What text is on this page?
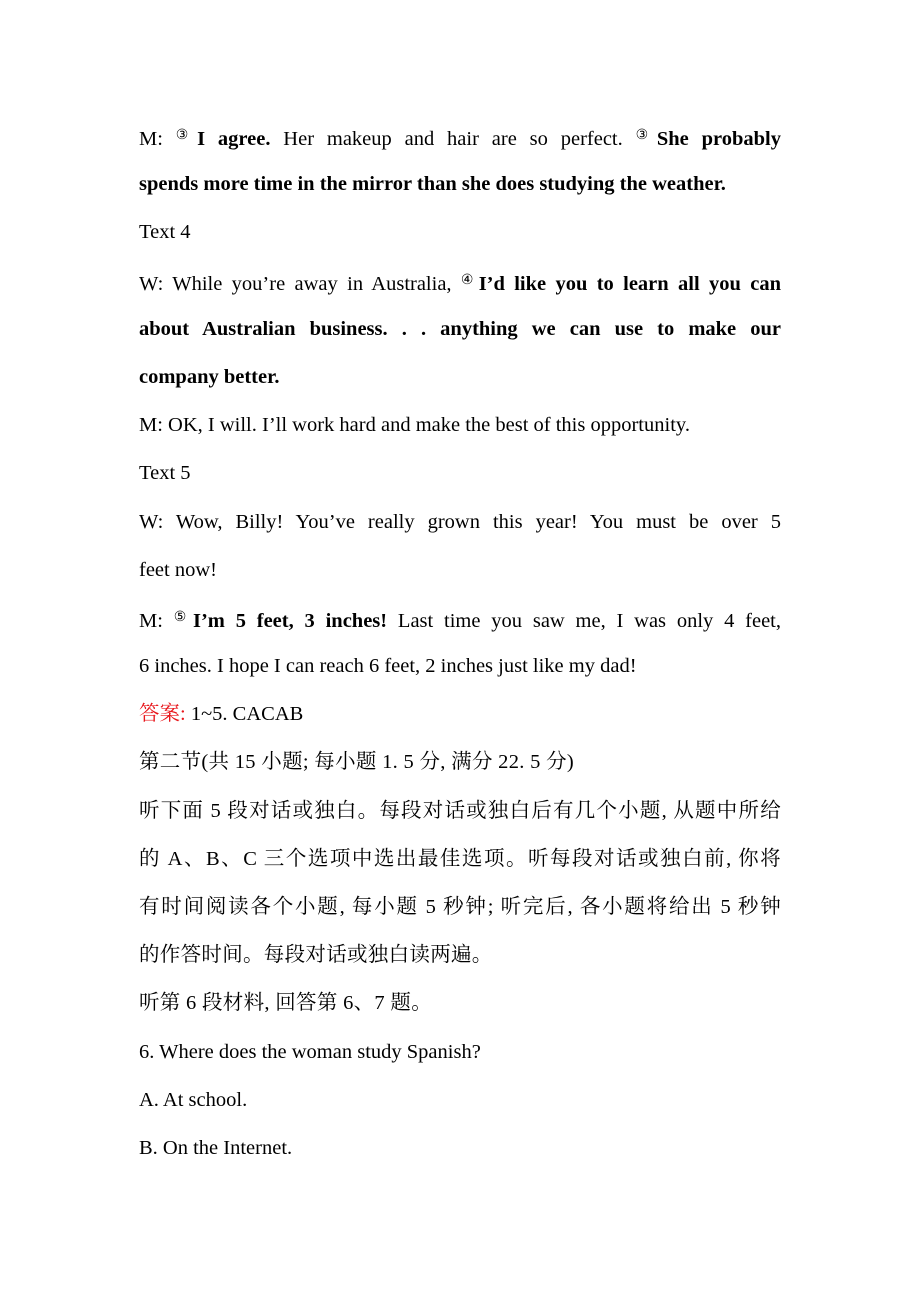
M: ③I agree. Her makeup and hair are so perfect. ③She probably
spends more time in the mirror than she does studying the weather.
Text 4
W: While you’re away in Australia, ④I’d like you to learn all you can
about Australian business. . . anything we can use to make our
company better.
M: OK, I will. I’ll work hard and make the best of this opportunity.
Text 5
W: Wow, Billy! You’ve really grown this year! You must be over 5
feet now!
M: ⑤I’m 5 feet, 3 inches! Last time you saw me, I was only 4 feet,
6 inches. I hope I can reach 6 feet, 2 inches just like my dad!
答案: 1~5. CACAB
第二节(共 15 小题; 每小题 1. 5 分, 满分 22. 5 分)
听下面 5 段对话或独白。每段对话或独白后有几个小题, 从题中所给
的 A、B、C 三个选项中选出最佳选项。听每段对话或独白前, 你将
有时间阅读各个小题, 每小题 5 秒钟; 听完后, 各小题将给出 5 秒钟
的作答时间。每段对话或独白读两遍。
听第 6 段材料, 回答第 6、7 题。
6. Where does the woman study Spanish?
A. At school.
B. On the Internet.
